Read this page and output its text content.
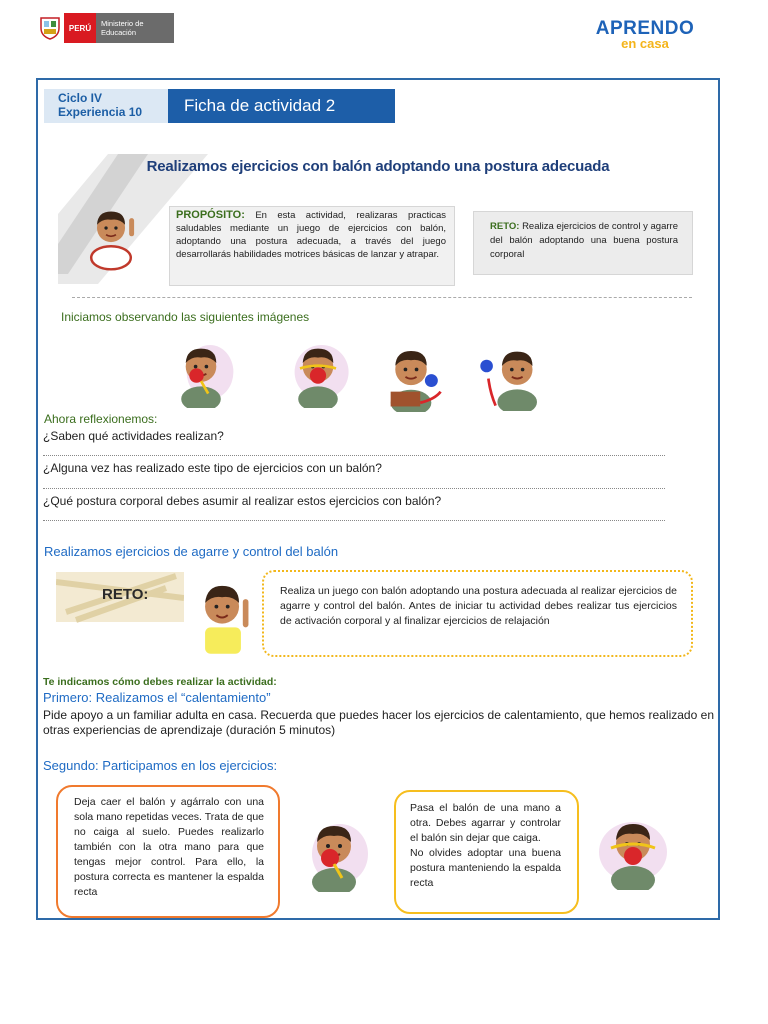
PERÚ	Ministerio de Educación	APRENDO
en casa
Ciclo IV
Experiencia 10	Ficha de actividad 2
Realizamos ejercicios con balón adoptando una postura adecuada
PROPÓSITO: En esta actividad, realizaras practicas saludables mediante un juego de ejercicios con balón, adoptando una postura adecuada, a través del juego desarrollarás habilidades motrices básicas de lanzar y atrapar.
RETO: Realiza ejercicios de control y agarre del balón adoptando una buena postura corporal
Iniciamos observando las siguientes imágenes
Ahora reflexionemos:
¿Saben qué actividades realizan?
¿Alguna vez has realizado este tipo de ejercicios con un balón?
¿Qué postura corporal debes asumir al realizar estos ejercicios con balón?
Realizamos ejercicios de agarre y control del balón
RETO:	Realiza un juego con balón adoptando una postura adecuada al realizar ejercicios de agarre y control del balón. Antes de iniciar tu actividad debes realizar tus ejercicios de activación corporal y al finalizar ejercicios de relajación
Te indicamos cómo debes realizar la actividad:
Primero: Realizamos el “calentamiento”
Pide apoyo a un familiar adulta en casa. Recuerda que puedes hacer los ejercicios de calentamiento, que hemos realizado en otras experiencias de aprendizaje (duración 5 minutos)
Segundo: Participamos en los ejercicios:
Deja caer el balón y agárralo con una sola mano repetidas veces. Trata de que no caiga al suelo. Puedes realizarlo también con la otra mano para que tengas mejor control. Para ello, la postura correcta es mantener la espalda recta
Pasa el balón de una mano a otra. Debes agarrar y controlar el balón sin dejar que caiga.
No olvides adoptar una buena postura manteniendo la espalda recta
